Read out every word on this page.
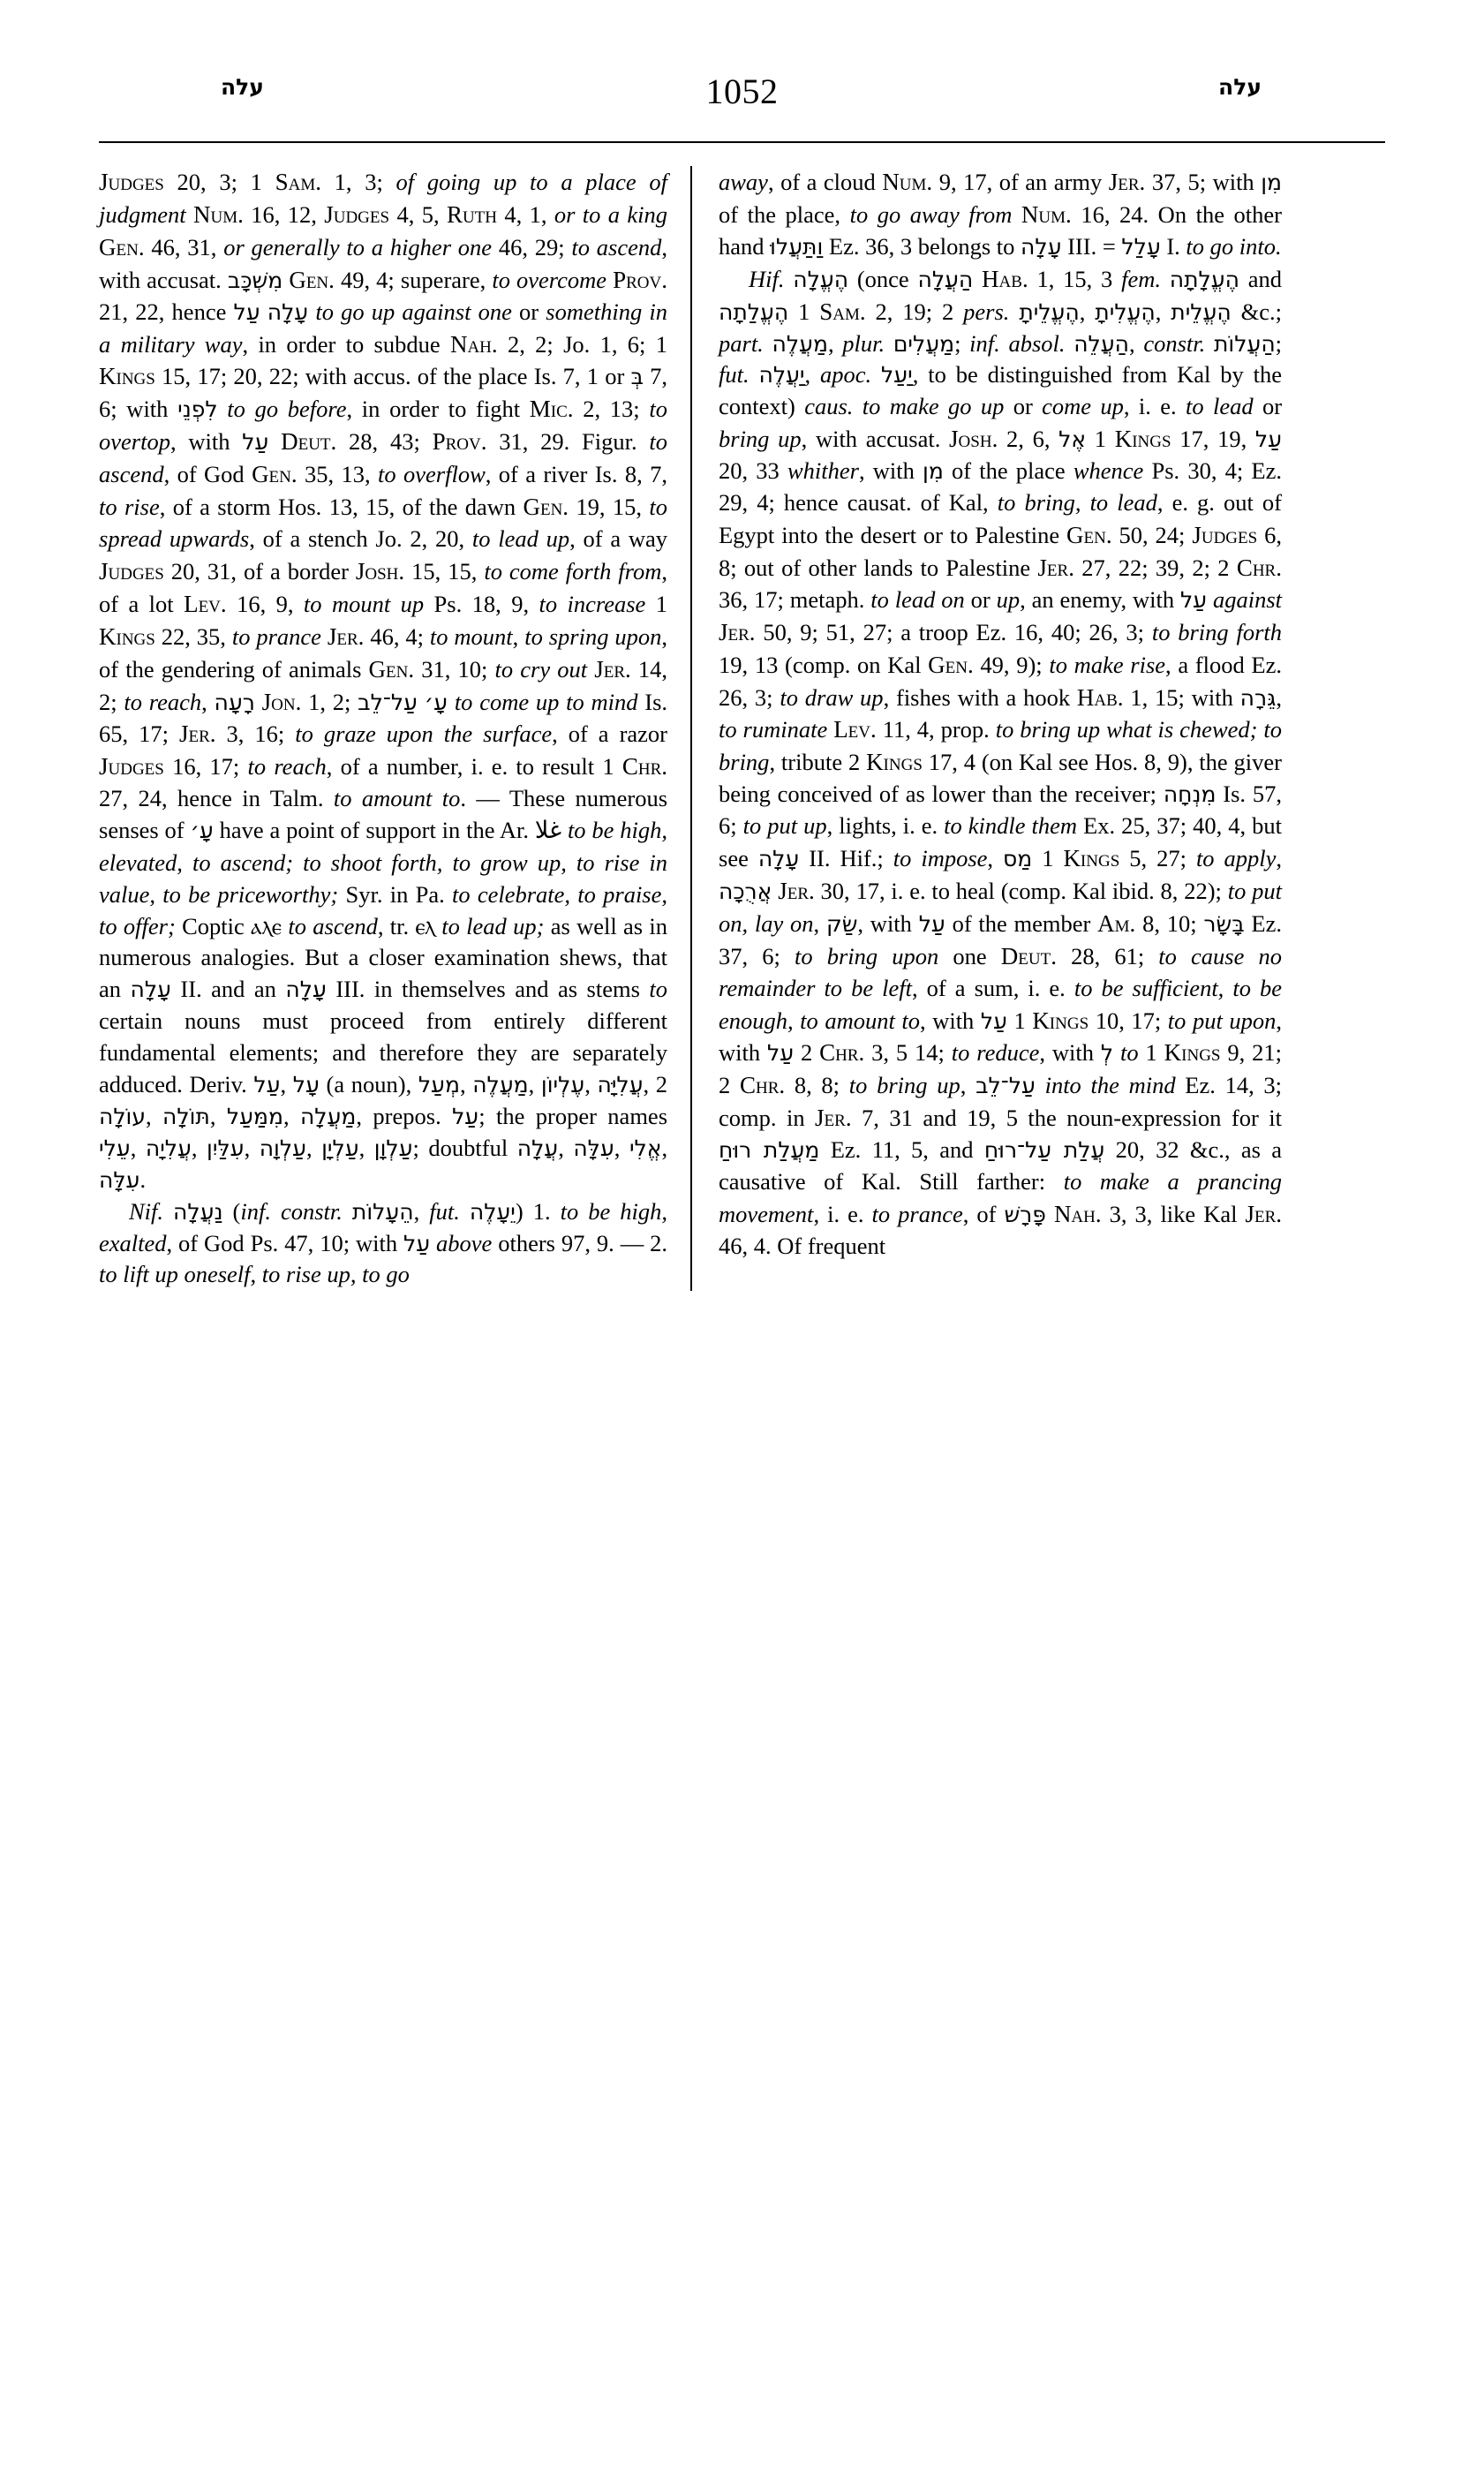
עלה	1052	עלה

Judges 20, 3; 1 Sam. 1, 3; of going up to a place of judgment Num. 16, 12, Judges 4, 5, Ruth 4, 1, or to a king Gen. 46, 31, or generally to a higher one 46, 29; to ascend, with accusat. מִשְׁכָּב Gen. 49, 4; superare, to overcome Prov. 21, 22, hence עַל עָלָה to go up against one or something in a military way, in order to subdue Nah. 2, 2; Jo. 1, 6; 1 Kings 15, 17; 20, 22; with accus. of the place Is. 7, 1 or בְּ 7, 6; with לִפְנֵי to go before, in order to fight Mic. 2, 13; to overtop, with עַל Deut. 28, 43; Prov. 31, 29. Figur. to ascend, of God Gen. 35, 13, to overflow, of a river Is. 8, 7, to rise, of a storm Hos. 13, 15, of the dawn Gen. 19, 15, to spread upwards, of a stench Jo. 2, 20, to lead up, of a way Judges 20, 31, of a border Josh. 15, 15, to come forth from, of a lot Lev. 16, 9, to mount up Ps. 18, 9, to increase 1 Kings 22, 35, to prance Jer. 46, 4; to mount, to spring upon, of the gendering of animals Gen. 31, 10; to cry out Jer. 14, 2; to reach, רָעָה Jon. 1, 2; עַל־לֵב עָ׳ to come up to mind Is. 65, 17; Jer. 3, 16; to graze upon the surface, of a razor Judges 16, 17; to reach, of a number, i. e. to result 1 Chr. 27, 24, hence in Talm. to amount to. — These numerous senses of עָ׳ have a point of support in the Ar. غلا to be high, elevated, to ascend; to shoot forth, to grow up, to rise in value, to be priceworthy; Syr. in Pa. to celebrate, to praise, to offer; Coptic ⲁⲗⲉ to ascend, tr. ⲉⲗ to lead up; as well as in numerous analogies. But a closer examination shews, that an עָלָה II. and an עָלָה III. in themselves and as stems to certain nouns must proceed from entirely different fundamental elements; and therefore they are separately adduced. Deriv. עַל, עָל (a noun), מְעַל, מַעֲלֶה, עֶלְיוֹן, עֲלִיָּה, 2 עוֹלָה, תּוֹלָה, מִמַּעַל, מַעֲלָה, prepos. עַל; the proper names עֵלִי, עֲלִיָה, עִלַּיִן, עַלְוָה, עַלְיָן, עַלְוָן; doubtful עֲלָה, עִלָּה, אֱלִי, עִלָּה.

Nif. נַעֲלָה (inf. constr. הֵעָלוֹת, fut. יֵעָלֶה) 1. to be high, exalted, of God Ps. 47, 10; with עַל above others 97, 9. — 2. to lift up oneself, to rise up, to go

away, of a cloud Num. 9, 17, of an army Jer. 37, 5; with מִן of the place, to go away from Num. 16, 24. On the other hand וַתַּעֲלוּ Ez. 36, 3 belongs to עָלָה III. = עָלַל I. to go into.

Hif. הֶעֱלָה (once הַעֲלָה Hab. 1, 15, 3 fem. הֶעֱלָתָה and הֶעֱלַתָה 1 Sam. 2, 19; 2 pers. הֶעֱלֵיתָ, הֶעֱלִיתָ, הֶעֱלֵית &c.; part. מַעֲלֶה, plur. מַעֲלִים; inf. absol. הַעֲלֵה, constr. הַעֲלוֹת; fut. יַעֲלֶה, apoc. יַעַל, to be distinguished from Kal by the context) caus. to make go up or come up, i. e. to lead or bring up, with accusat. Josh. 2, 6, אֶל 1 Kings 17, 19, עַל 20, 33 whither, with מִן of the place whence Ps. 30, 4; Ez. 29, 4; hence causat. of Kal, to bring, to lead, e. g. out of Egypt into the desert or to Palestine Gen. 50, 24; Judges 6, 8; out of other lands to Palestine Jer. 27, 22; 39, 2; 2 Chr. 36, 17; metaph. to lead on or up, an enemy, with עַל against Jer. 50, 9; 51, 27; a troop Ez. 16, 40; 26, 3; to bring forth 19, 13 (comp. on Kal Gen. 49, 9); to make rise, a flood Ez. 26, 3; to draw up, fishes with a hook Hab. 1, 15; with גֵּרָה, to ruminate Lev. 11, 4, prop. to bring up what is chewed; to bring, tribute 2 Kings 17, 4 (on Kal see Hos. 8, 9), the giver being conceived of as lower than the receiver; מִנְחָה Is. 57, 6; to put up, lights, i. e. to kindle them Ex. 25, 37; 40, 4, but see עָלָה II. Hif.; to impose, מַס 1 Kings 5, 27; to apply, אֲרֻכָה Jer. 30, 17, i. e. to heal (comp. Kal ibid. 8, 22); to put on, lay on, שַׂק, with עַל of the member Am. 8, 10; בָּשָׂר Ez. 37, 6; to bring upon one Deut. 28, 61; to cause no remainder to be left, of a sum, i. e. to be sufficient, to be enough, to amount to, with עַל 1 Kings 10, 17; to put upon, with עַל 2 Chr. 3, 5 14; to reduce, with לְ to 1 Kings 9, 21; 2 Chr. 8, 8; to bring up, עַל־לֵב into the mind Ez. 14, 3; comp. in Jer. 7, 31 and 19, 5 the noun-expression for it מַעֲלַת רוּחַ Ez. 11, 5, and עֲלַת עַל־רוּחַ 20, 32 &c., as a causative of Kal. Still farther: to make a prancing movement, i. e. to prance, of פָּרָשׁ Nah. 3, 3, like Kal Jer. 46, 4. Of frequent
